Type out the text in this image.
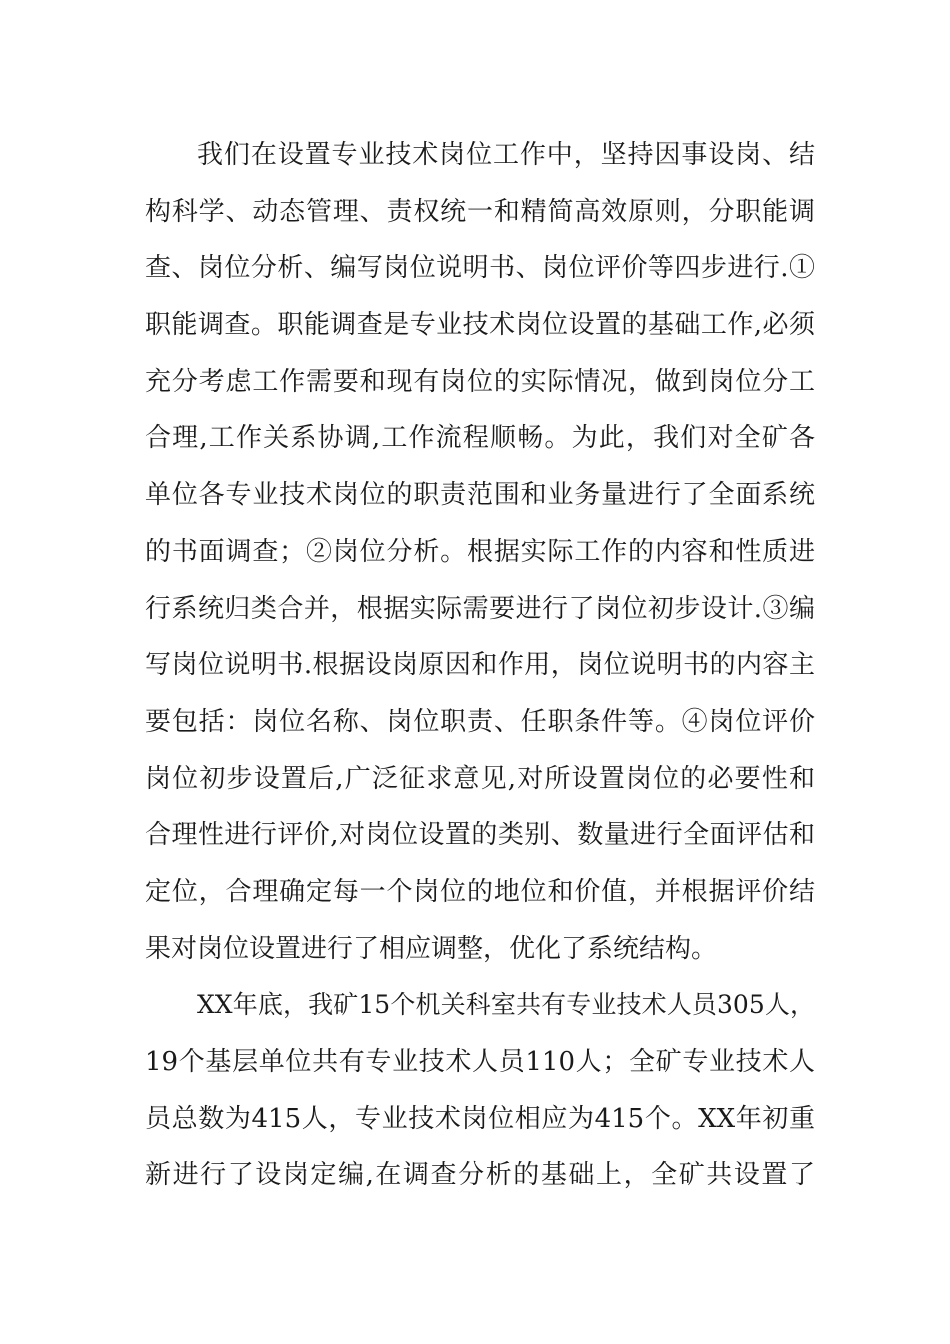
我们在设置专业技术岗位工作中，坚持因事设岗、结
构科学、动态管理、责权统一和精简高效原则，分职能调
查、岗位分析、编写岗位说明书、岗位评价等四步进行.①
职能调查。职能调查是专业技术岗位设置的基础工作,必须
充分考虑工作需要和现有岗位的实际情况，做到岗位分工
合理,工作关系协调,工作流程顺畅。为此，我们对全矿各
单位各专业技术岗位的职责范围和业务量进行了全面系统
的书面调查；②岗位分析。根据实际工作的内容和性质进
行系统归类合并，根据实际需要进行了岗位初步设计.③编
写岗位说明书.根据设岗原因和作用，岗位说明书的内容主
要包括：岗位名称、岗位职责、任职条件等。④岗位评价
岗位初步设置后,广泛征求意见,对所设置岗位的必要性和
合理性进行评价,对岗位设置的类别、数量进行全面评估和
定位，合理确定每一个岗位的地位和价值，并根据评价结
果对岗位设置进行了相应调整，优化了系统结构。
XX年底，我矿15个机关科室共有专业技术人员305人，
19个基层单位共有专业技术人员110人；全矿专业技术人
员总数为415人，专业技术岗位相应为415个。XX年初重
新进行了设岗定编,在调查分析的基础上，全矿共设置了
